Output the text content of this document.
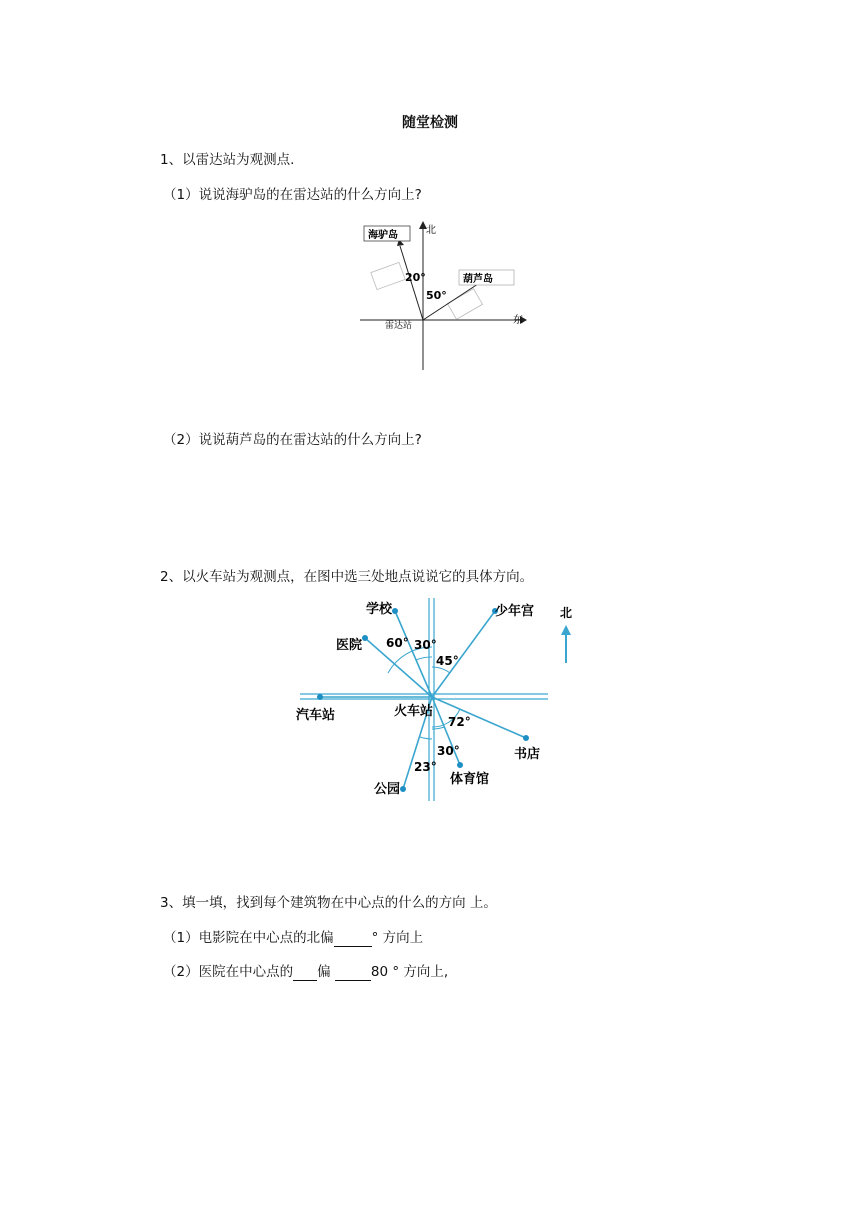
随堂检测
1、以雷达站为观测点.
（1）说说海驴岛的在雷达站的什么方向上?
北
东
雷达站
海驴岛
葫芦岛
20°
50°
（2）说说葫芦岛的在雷达站的什么方向上?
2、以火车站为观测点，在图中选三处地点说说它的具体方向。
北
学校	少年宫
医院
汽车站	火车站
书店
体育馆
公园
60° 30°
45°
72°
30°
23°
3、填一填，找到每个建筑物在中心点的什么的方向 上。
（1）电影院在中心点的北偏	° 方向上
（2）医院在中心点的 偏	80 ° 方向上,
